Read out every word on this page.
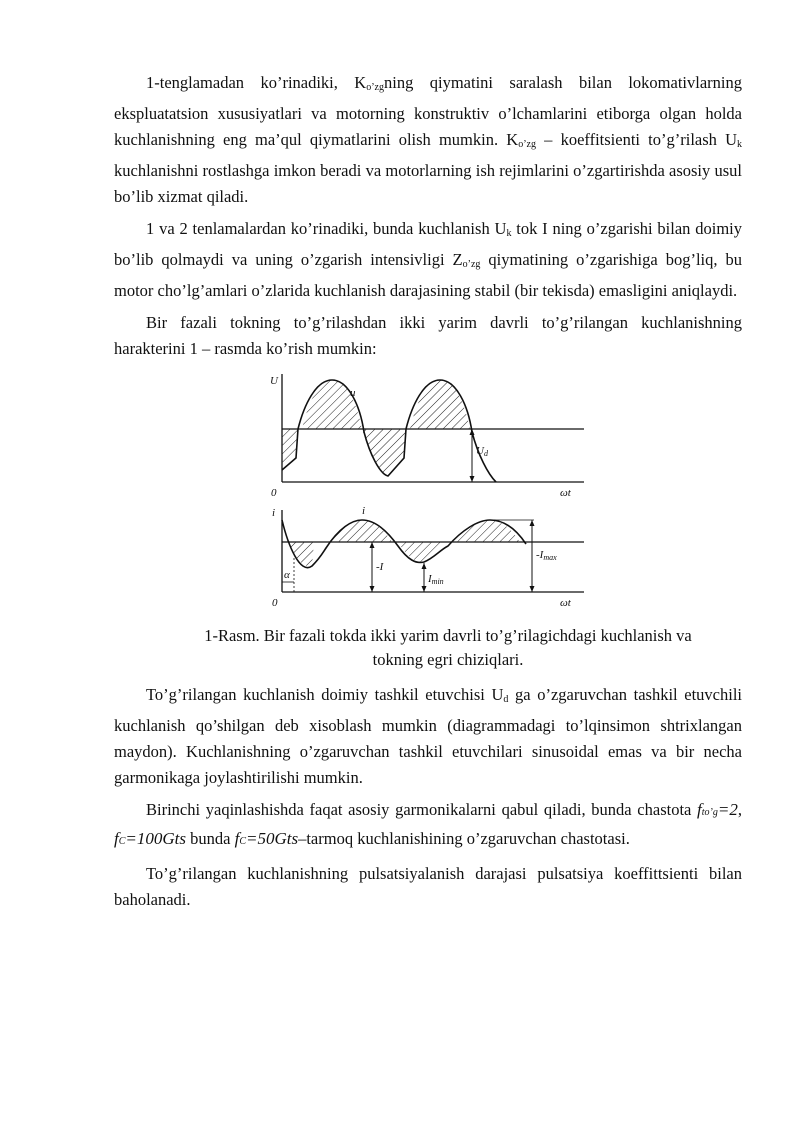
1-tenglamadan ko’rinadiki, $K_{o’zg}ning$ qiymatini saralash bilan lokomativlarning ekspluatatsion xususiyatlari va motorning konstruktiv o’lchamlarini etiborga olgan holda kuchlanishning eng ma’qul qiymatlarini olish mumkin. $K_{o’zg}$ – koeffitsienti to’g’rilash $U_k$ kuchlanishni rostlashga imkon beradi va motorlarning ish rejimlarini o’zgartirishda asosiy usul bo’lib xizmat qiladi.

1 va 2 tenlamalardan ko’rinadiki, bunda kuchlanish $U_k$ tok I ning o’zgarishi bilan doimiy bo’lib qolmaydi va uning o’zgarish intensivligi $Z_{o’zg}$ qiymatining o’zgarishiga bog’liq, bu motor cho’lg’amlari o’zlarida kuchlanish darajasining stabil (bir tekisda) emasligini aniqlaydi.

Bir fazali tokning to’g’rilashdan ikki yarim davrli to’g’rilangan kuchlanishning harakterini 1 – rasmda ko’rish mumkin:

U
0	ωt
u
Ud
i
0	ωt
i
α
-I
Imin
-Imax
1-Rasm. Bir fazali tokda ikki yarim davrli to’g’rilagichdagi kuchlanish va
tokning egri chiziqlari.

To’g’rilangan kuchlanish doimiy tashkil etuvchisi $U_d$ ga o’zgaruvchan tashkil etuvchili kuchlanish qo’shilgan deb xisoblash mumkin (diagrammadagi to’lqinsimon shtrixlangan maydon). Kuchlanishning o’zgaruvchan tashkil etuvchilari sinusoidal emas va bir necha garmonikaga joylashtirilishi mumkin.

Birinchi yaqinlashishda faqat asosiy garmonikalarni qabul qiladi, bunda chastota fto’g=2, fC=100Gts bunda fC=50Gts–tarmoq kuchlanishining o’zgaruvchan chastotasi.

To’g’rilangan kuchlanishning pulsatsiyalanish darajasi pulsatsiya koeffittsienti bilan baholanadi.
